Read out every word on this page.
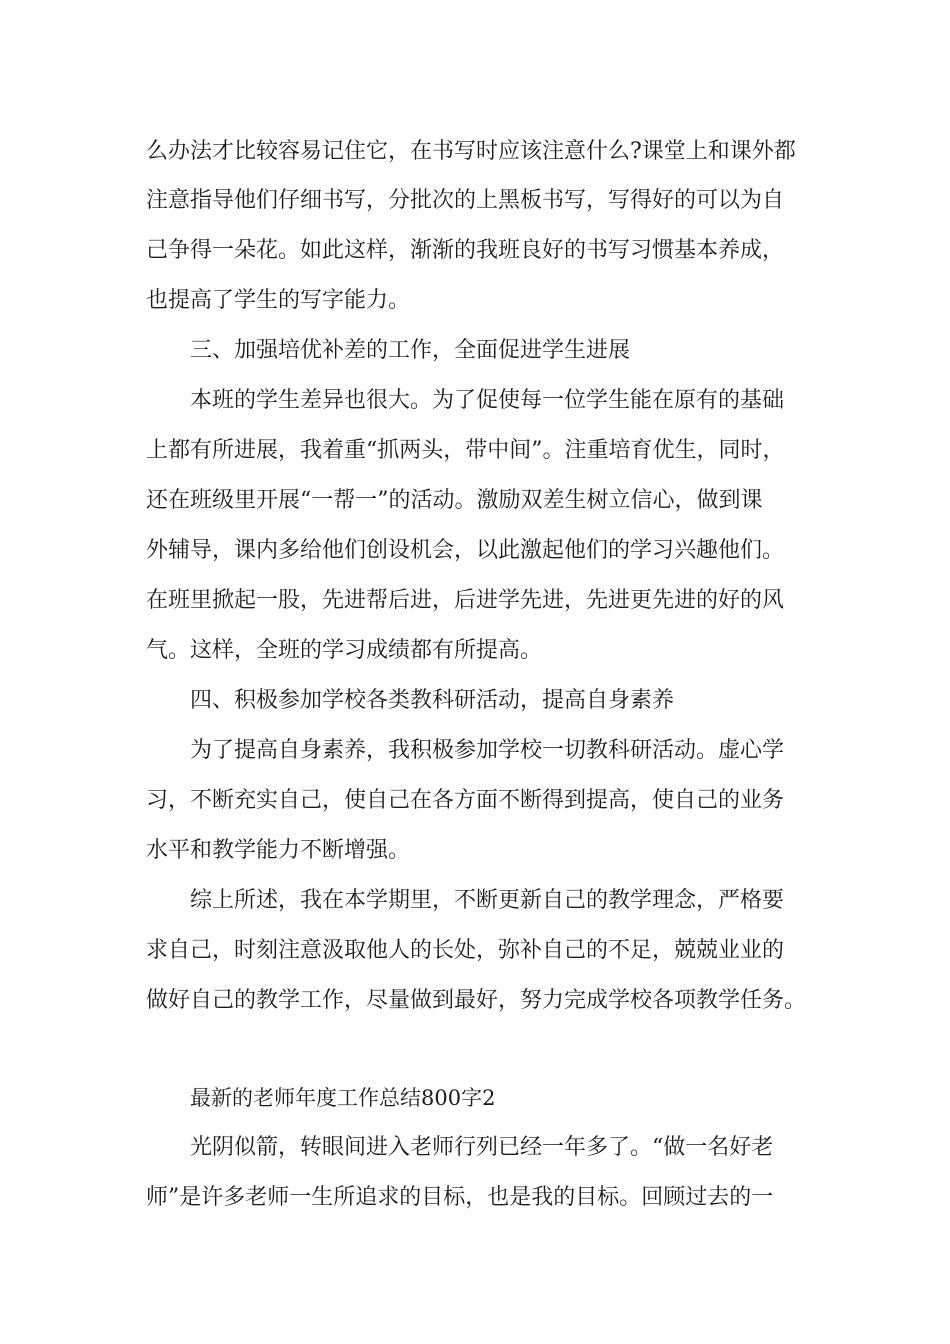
么办法才比较容易记住它，在书写时应该注意什么?课堂上和课外都
注意指导他们仔细书写，分批次的上黑板书写，写得好的可以为自
己争得一朵花。如此这样，渐渐的我班良好的书写习惯基本养成，
也提高了学生的写字能力。
三、加强培优补差的工作，全面促进学生进展
本班的学生差异也很大。为了促使每一位学生能在原有的基础
上都有所进展，我着重“抓两头，带中间”。注重培育优生，同时，
还在班级里开展“一帮一”的活动。激励双差生树立信心，做到课
外辅导，课内多给他们创设机会，以此激起他们的学习兴趣他们。
在班里掀起一股，先进帮后进，后进学先进，先进更先进的好的风
气。这样，全班的学习成绩都有所提高。
四、积极参加学校各类教科研活动，提高自身素养
为了提高自身素养，我积极参加学校一切教科研活动。虚心学
习，不断充实自己，使自己在各方面不断得到提高，使自己的业务
水平和教学能力不断增强。
综上所述，我在本学期里，不断更新自己的教学理念，严格要
求自己，时刻注意汲取他人的长处，弥补自己的不足，兢兢业业的
做好自己的教学工作，尽量做到最好，努力完成学校各项教学任务。
最新的老师年度工作总结800字2
光阴似箭，转眼间进入老师行列已经一年多了。“做一名好老
师”是许多老师一生所追求的目标，也是我的目标。回顾过去的一
